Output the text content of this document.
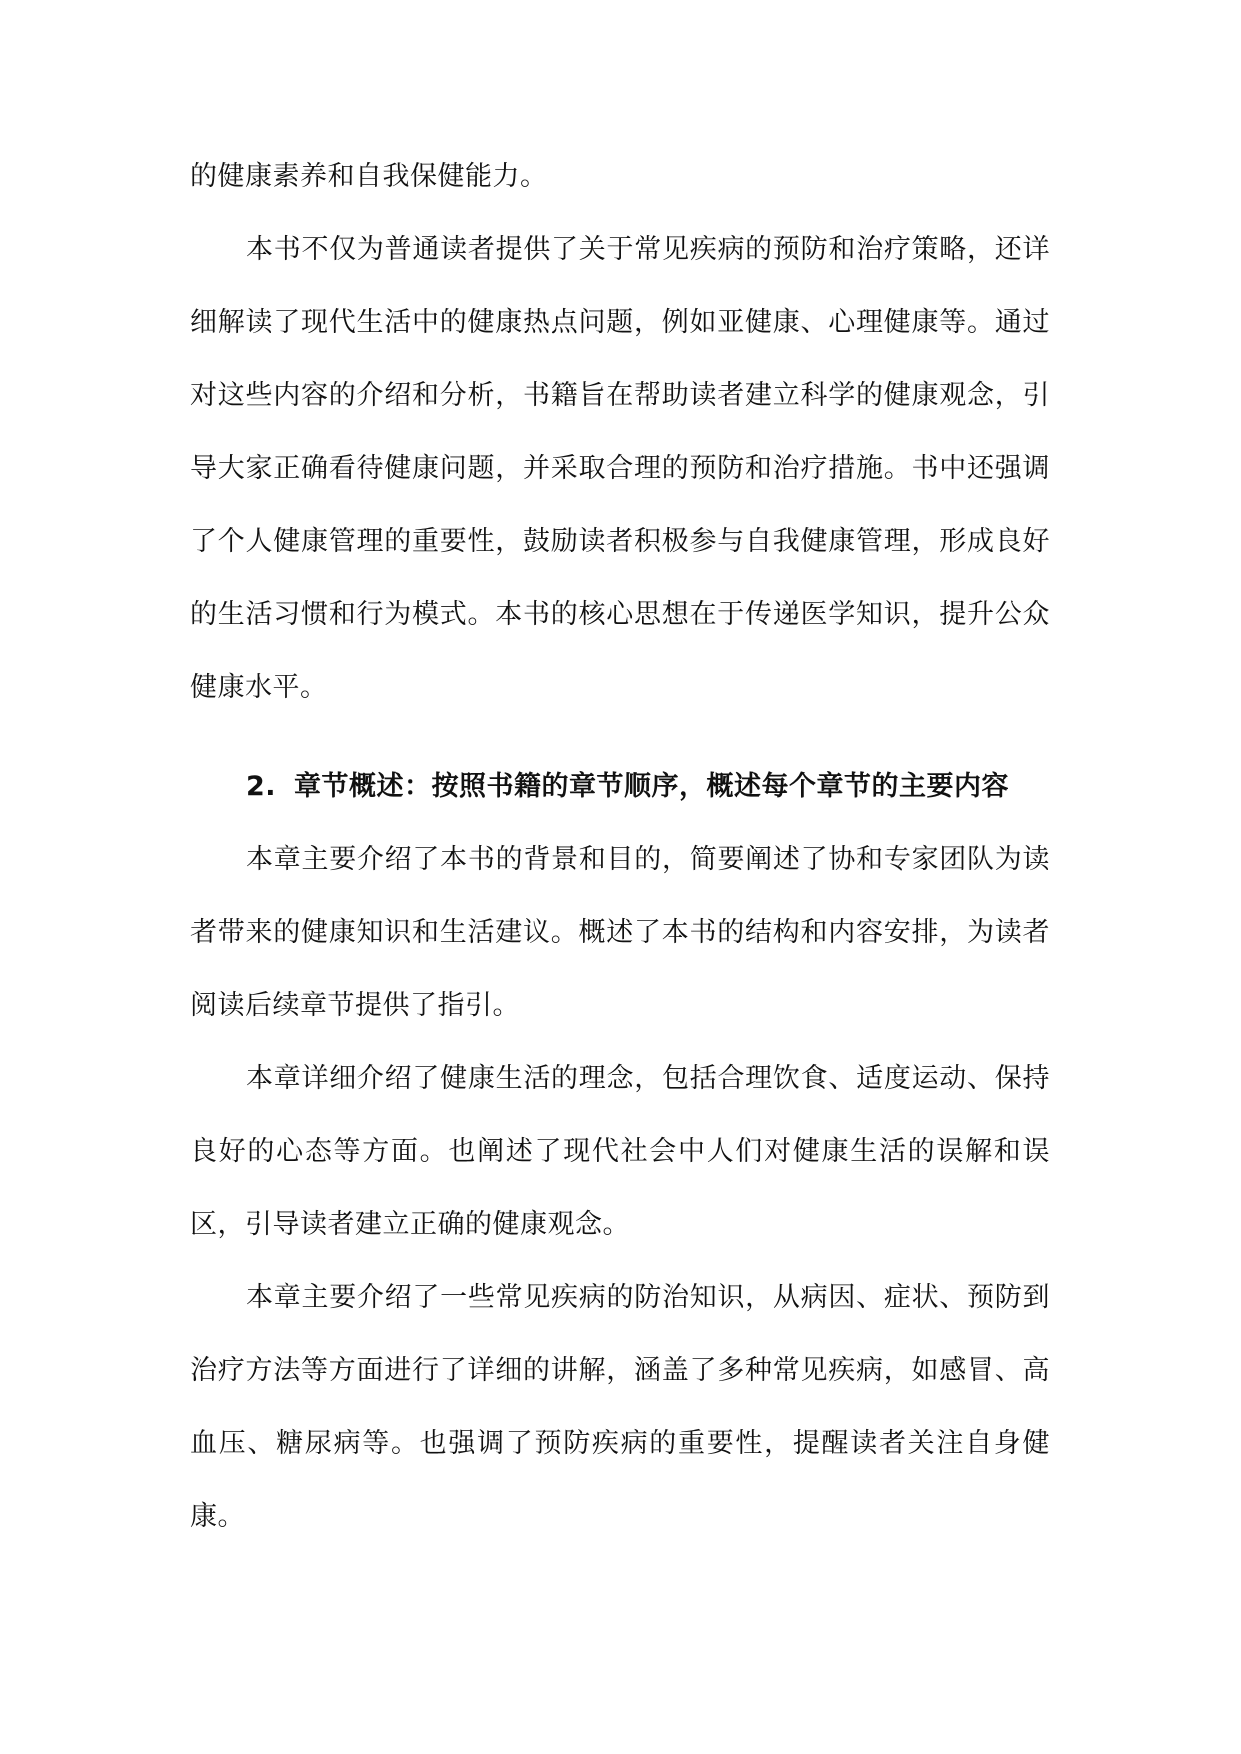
的健康素养和自我保健能力。

本书不仅为普通读者提供了关于常见疾病的预防和治疗策略，还详细解读了现代生活中的健康热点问题，例如亚健康、心理健康等。通过对这些内容的介绍和分析，书籍旨在帮助读者建立科学的健康观念，引导大家正确看待健康问题，并采取合理的预防和治疗措施。书中还强调了个人健康管理的重要性，鼓励读者积极参与自我健康管理，形成良好的生活习惯和行为模式。本书的核心思想在于传递医学知识，提升公众健康水平。

2. 章节概述：按照书籍的章节顺序，概述每个章节的主要内容

本章主要介绍了本书的背景和目的，简要阐述了协和专家团队为读者带来的健康知识和生活建议。概述了本书的结构和内容安排，为读者阅读后续章节提供了指引。

本章详细介绍了健康生活的理念，包括合理饮食、适度运动、保持良好的心态等方面。也阐述了现代社会中人们对健康生活的误解和误区，引导读者建立正确的健康观念。

本章主要介绍了一些常见疾病的防治知识，从病因、症状、预防到治疗方法等方面进行了详细的讲解，涵盖了多种常见疾病，如感冒、高血压、糖尿病等。也强调了预防疾病的重要性，提醒读者关注自身健康。
